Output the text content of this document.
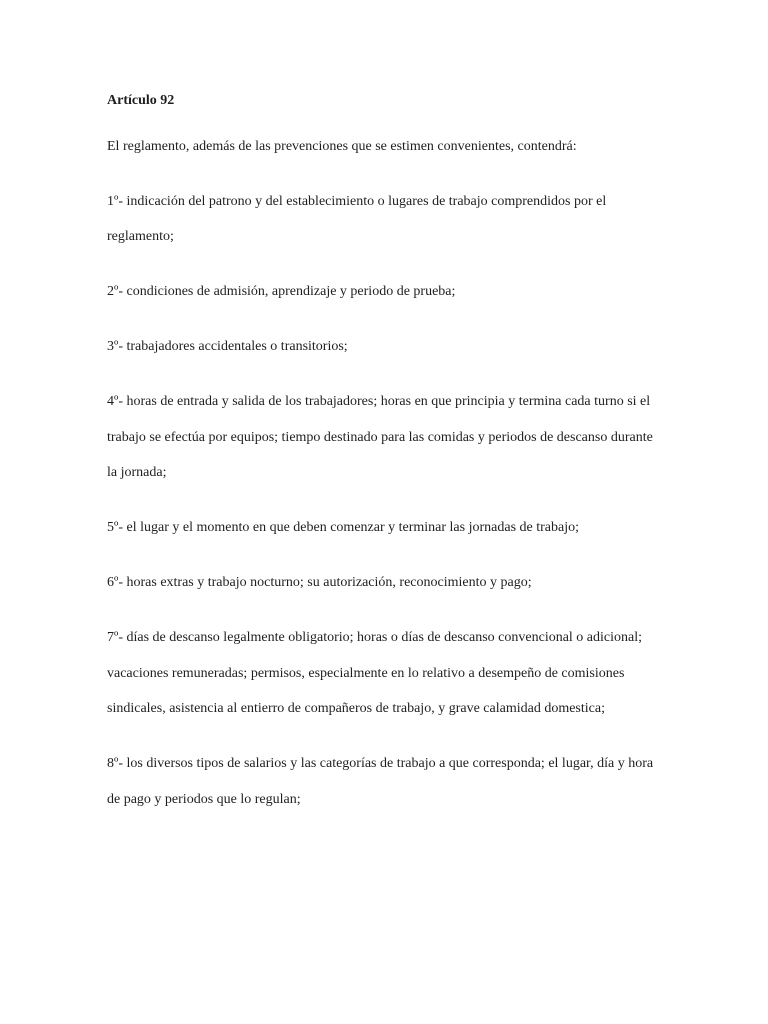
Artículo 92

El reglamento, además de las prevenciones que se estimen convenientes, contendrá:

1º- indicación del patrono y del establecimiento o lugares de trabajo comprendidos por el reglamento;

2º- condiciones de admisión, aprendizaje y periodo de prueba;

3º- trabajadores accidentales o transitorios;

4º- horas de entrada y salida de los trabajadores; horas en que principia y termina cada turno si el trabajo se efectúa por equipos; tiempo destinado para las comidas y periodos de descanso durante la jornada;

5º- el lugar y el momento en que deben comenzar y terminar las jornadas de trabajo;

6º- horas extras y trabajo nocturno; su autorización, reconocimiento y pago;

7º- días de descanso legalmente obligatorio; horas o días de descanso convencional o adicional; vacaciones remuneradas; permisos, especialmente en lo relativo a desempeño de comisiones sindicales, asistencia al entierro de compañeros de trabajo, y grave calamidad domestica;

8º- los diversos tipos de salarios y las categorías de trabajo a que corresponda; el lugar, día y hora de pago y periodos que lo regulan;
